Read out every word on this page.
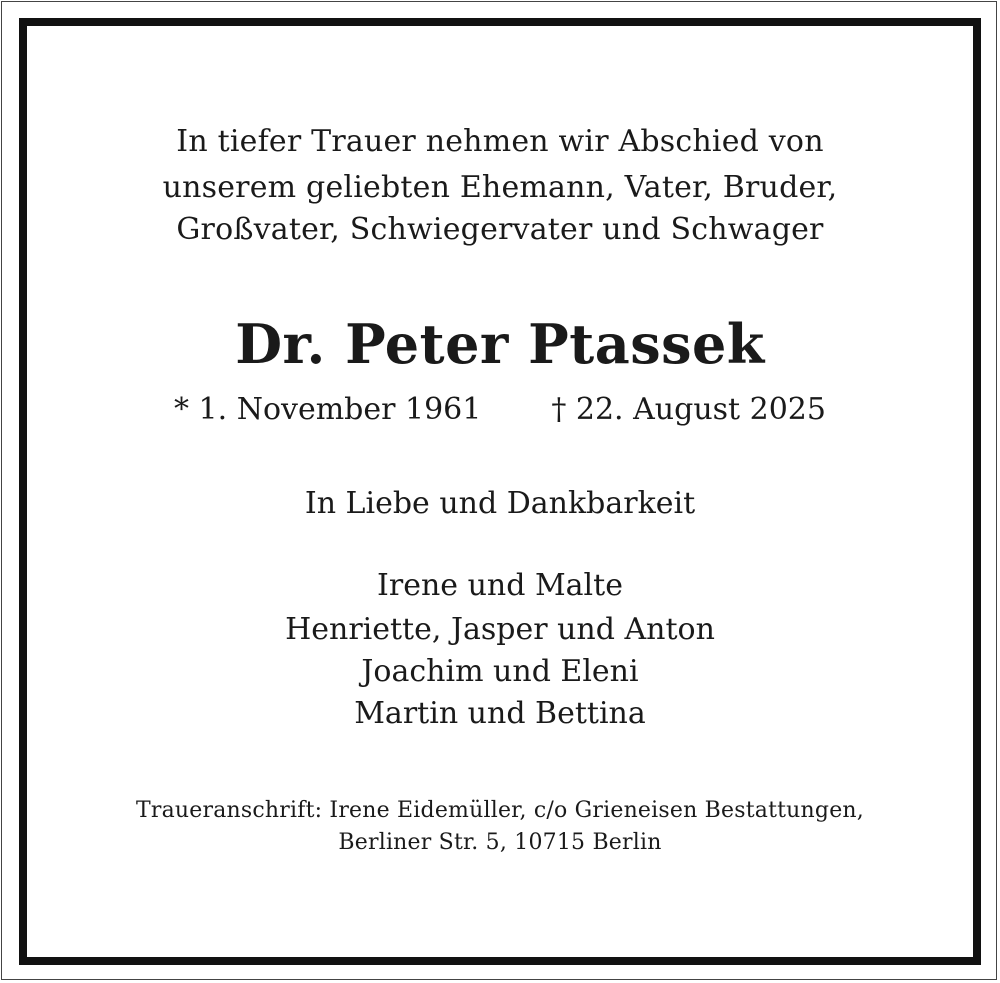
In tiefer Trauer nehmen wir Abschied von
unserem geliebten Ehemann, Vater, Bruder,
Großvater, Schwiegervater und Schwager
Dr. Peter Ptassek
* 1. November 1961 † 22. August 2025
In Liebe und Dankbarkeit
Irene und Malte
Henriette, Jasper und Anton
Joachim und Eleni
Martin und Bettina
Traueranschrift: Irene Eidemüller, c/o Grieneisen Bestattungen,
Berliner Str. 5, 10715 Berlin
